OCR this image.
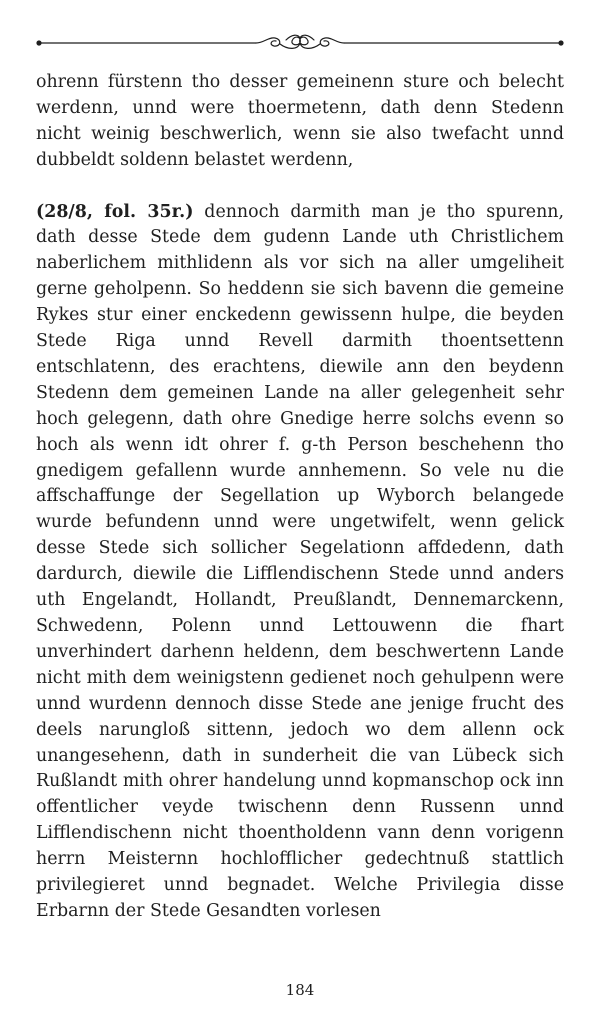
ohrenn fürstenn tho desser gemeinenn sture och belecht werdenn, unnd were thoermetenn, dath denn Stedenn nicht weinig beschwerlich, wenn sie also twefacht unnd dubbeldt soldenn belastet werdenn,

(28/8, fol. 35r.) dennoch darmith man je tho spurenn, dath desse Stede dem gudenn Lande uth Christlichem naberlichem mithlidenn als vor sich na aller umgeliheit gerne geholpenn. So heddenn sie sich bavenn die gemeine Rykes stur einer enckedenn gewissenn hulpe, die beyden Stede Riga unnd Revell darmith thoentsettenn entschlatenn, des erachtens, diewile ann den beydenn Stedenn dem gemeinen Lande na aller gelegenheit sehr hoch gelegenn, dath ohre Gnedige herre solchs evenn so hoch als wenn idt ohrer f. g-th Person beschehenn tho gnedigem gefallenn wurde annhemenn. So vele nu die affschaffunge der Segellation up Wyborch belangede wurde befundenn unnd were ungetwifelt, wenn gelick desse Stede sich sollicher Segelationn affdedenn, dath dardurch, diewile die Lifflendischenn Stede unnd anders uth Engelandt, Hollandt, Preußlandt, Dennemarckenn, Schwedenn, Polenn unnd Lettouwenn die fhart unverhindert darhenn heldenn, dem beschwertenn Lande nicht mith dem weinigstenn gedienet noch gehulpenn were unnd wurdenn dennoch disse Stede ane jenige frucht des deels narungloß sittenn, jedoch wo dem allenn ock unangesehenn, dath in sunderheit die van Lübeck sich Rußlandt mith ohrer handelung unnd kopmanschop ock inn offentlicher veyde twischenn denn Russenn unnd Lifflendischenn nicht thoentholdenn vann denn vorigenn herrn Meisternn hochlofflicher gedechtnuß stattlich privilegieret unnd begnadet. Welche Privilegia disse Erbarnn der Stede Gesandten vorlesen

184
